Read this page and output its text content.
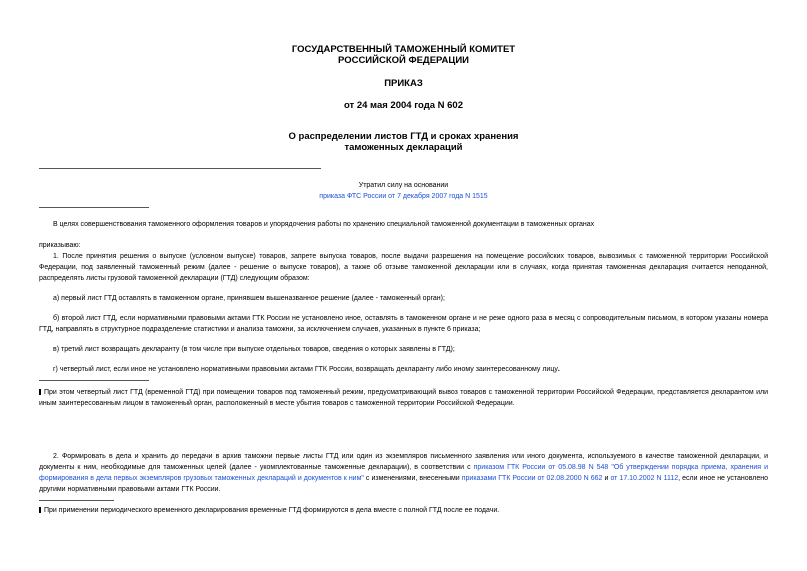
ГОСУДАРСТВЕННЫЙ ТАМОЖЕННЫЙ КОМИТЕТ
РОССИЙСКОЙ ФЕДЕРАЦИИ
ПРИКАЗ
от 24 мая 2004 года N 602
О распределении листов ГТД и сроках хранения
таможенных деклараций
Утратил силу на основании
приказа ФТС России от 7 декабря 2007 года N 1515
В целях совершенствования таможенного оформления товаров и упорядочения работы по хранению специальной таможенной документации в таможенных органах
приказываю:
1. После принятия решения о выпуске (условном выпуске) товаров, запрете выпуска товаров, после выдачи разрешения на помещение российских товаров, вывозимых с таможенной территории Российской Федерации, под заявленный таможенный режим (далее - решение о выпуске товаров), а также об отзыве таможенной декларации или в случаях, когда принятая таможенная декларация считается неподанной, распределять листы грузовой таможенной декларации (ГТД) следующим образом:
а) первый лист ГТД оставлять в таможенном органе, принявшем вышеназванное решение (далее - таможенный орган);
б) второй лист ГТД, если нормативными правовыми актами ГТК России не установлено иное, оставлять в таможенном органе и не реже одного раза в месяц с сопроводительным письмом, в котором указаны номера ГТД, направлять в структурное подразделение статистики и анализа таможни, за исключением случаев, указанных в пункте 6 приказа;
в) третий лист возвращать декларанту (в том числе при выпуске отдельных товаров, сведения о которых заявлены в ГТД);
г) четвертый лист, если иное не установлено нормативными правовыми актами ГТК России, возвращать декларанту либо иному заинтересованному лицу.
При этом четвертый лист ГТД (временной ГТД) при помещении товаров под таможенный режим, предусматривающий вывоз товаров с таможенной территории Российской Федерации, представляется декларантом или иным заинтересованным лицом в таможенный орган, расположенный в месте убытия товаров с таможенной территории Российской Федерации.
2. Формировать в дела и хранить до передачи в архив таможни первые листы ГТД или один из экземпляров письменного заявления или иного документа, используемого в качестве таможенной декларации, и документы к ним, необходимые для таможенных целей (далее - укомплектованные таможенные декларации), в соответствии с приказом ГТК России от 05.08.98 N 548 "Об утверждении порядка приема, хранения и формирования в дела первых экземпляров грузовых таможенных деклараций и документов к ним" с изменениями, внесенными приказами ГТК России от 02.08.2000 N 662 и от 17.10.2002 N 1112, если иное не установлено другими нормативными правовыми актами ГТК России.
При применении периодического временного декларирования временные ГТД формируются в дела вместе с полной ГТД после ее подачи.
